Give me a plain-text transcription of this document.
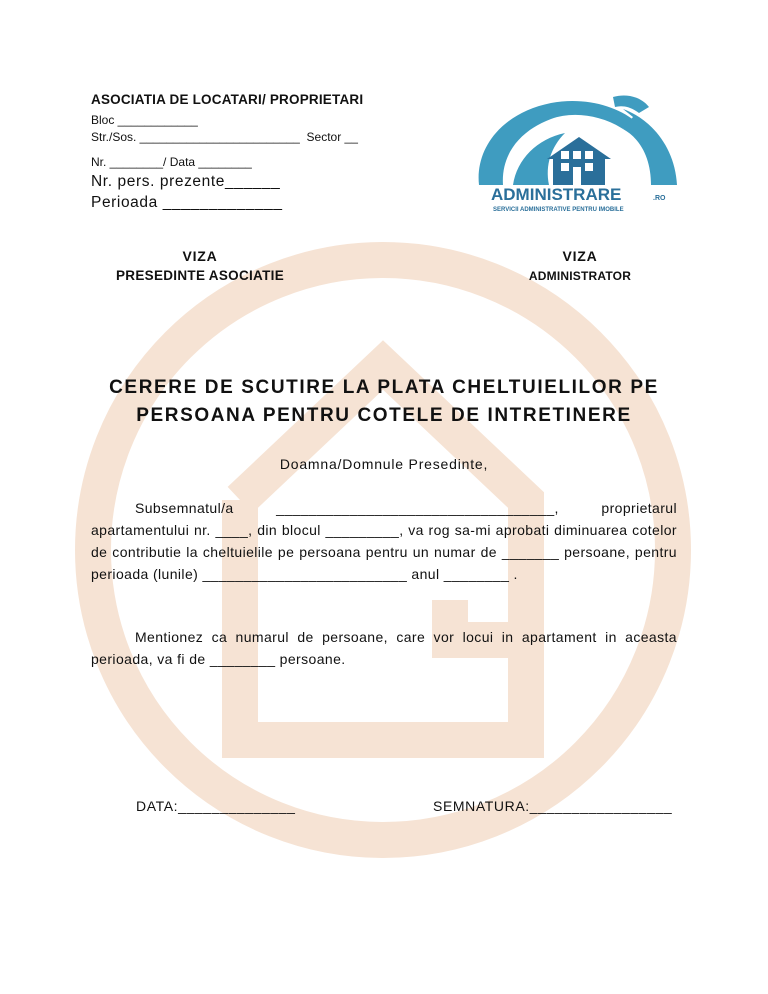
ASOCIATIA DE LOCATARI/ PROPRIETARI
Bloc ____________
Str./Sos. ________________________  Sector __
Nr. ________/ Data ________
Nr. pers. prezente______
Perioada _____________	ADMINISTRARE	.RO
SERVICII ADMINISTRATIVE PENTRU IMOBILE
VIZA
PRESEDINTE ASOCIATIE
VIZA
ADMINISTRATOR
CERERE DE SCUTIRE LA PLATA CHELTUIELILOR PE
PERSOANA PENTRU COTELE DE INTRETINERE
Doamna/Domnule Presedinte,
Subsemnatul/a __________________________________, proprietarul apartamentului nr. ____, din blocul _________, va rog sa-mi aprobati diminuarea cotelor de contributie la cheltuielile pe persoana pentru un numar de _______ persoane, pentru perioada (lunile) _________________________ anul ________ .
Mentionez ca numarul de persoane, care vor locui in apartament in aceasta perioada, va fi de ________ persoane.
DATA:______________	SEMNATURA:_________________
